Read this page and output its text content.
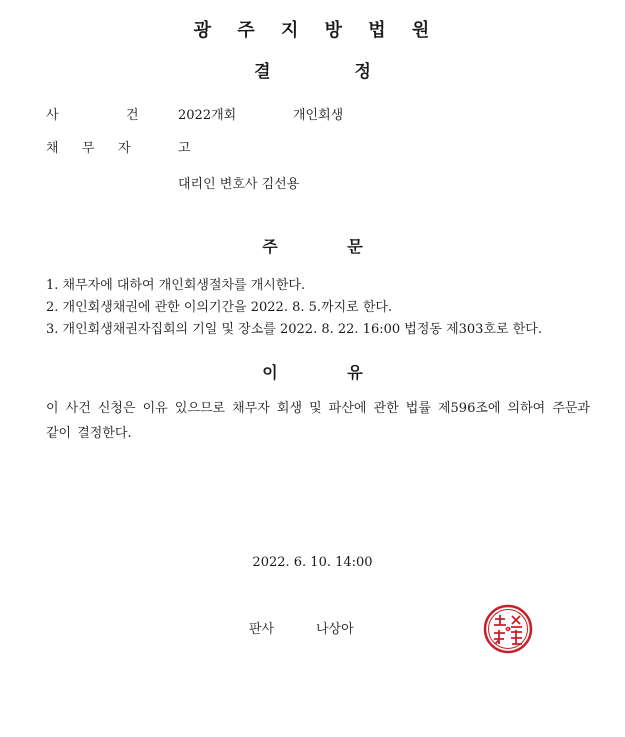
광 주 지 방 법 원
결 정
사	건	2022개회	개인회생
채 무 자	고
대리인 변호사 김선용
주 문
1. 채무자에 대하여 개인회생절차를 개시한다.
2. 개인회생채권에 관한 이의기간을 2022. 8. 5.까지로 한다.
3. 개인회생채권자집회의 기일 및 장소를 2022. 8. 22. 16:00 법정동 제303호로 한다.
이 유
이 사건 신청은 이유 있으므로 채무자 회생 및 파산에 관한 법률 제596조에 의하여 주문과 같이 결정한다.
2022. 6. 10. 14:00
판사	나상아
